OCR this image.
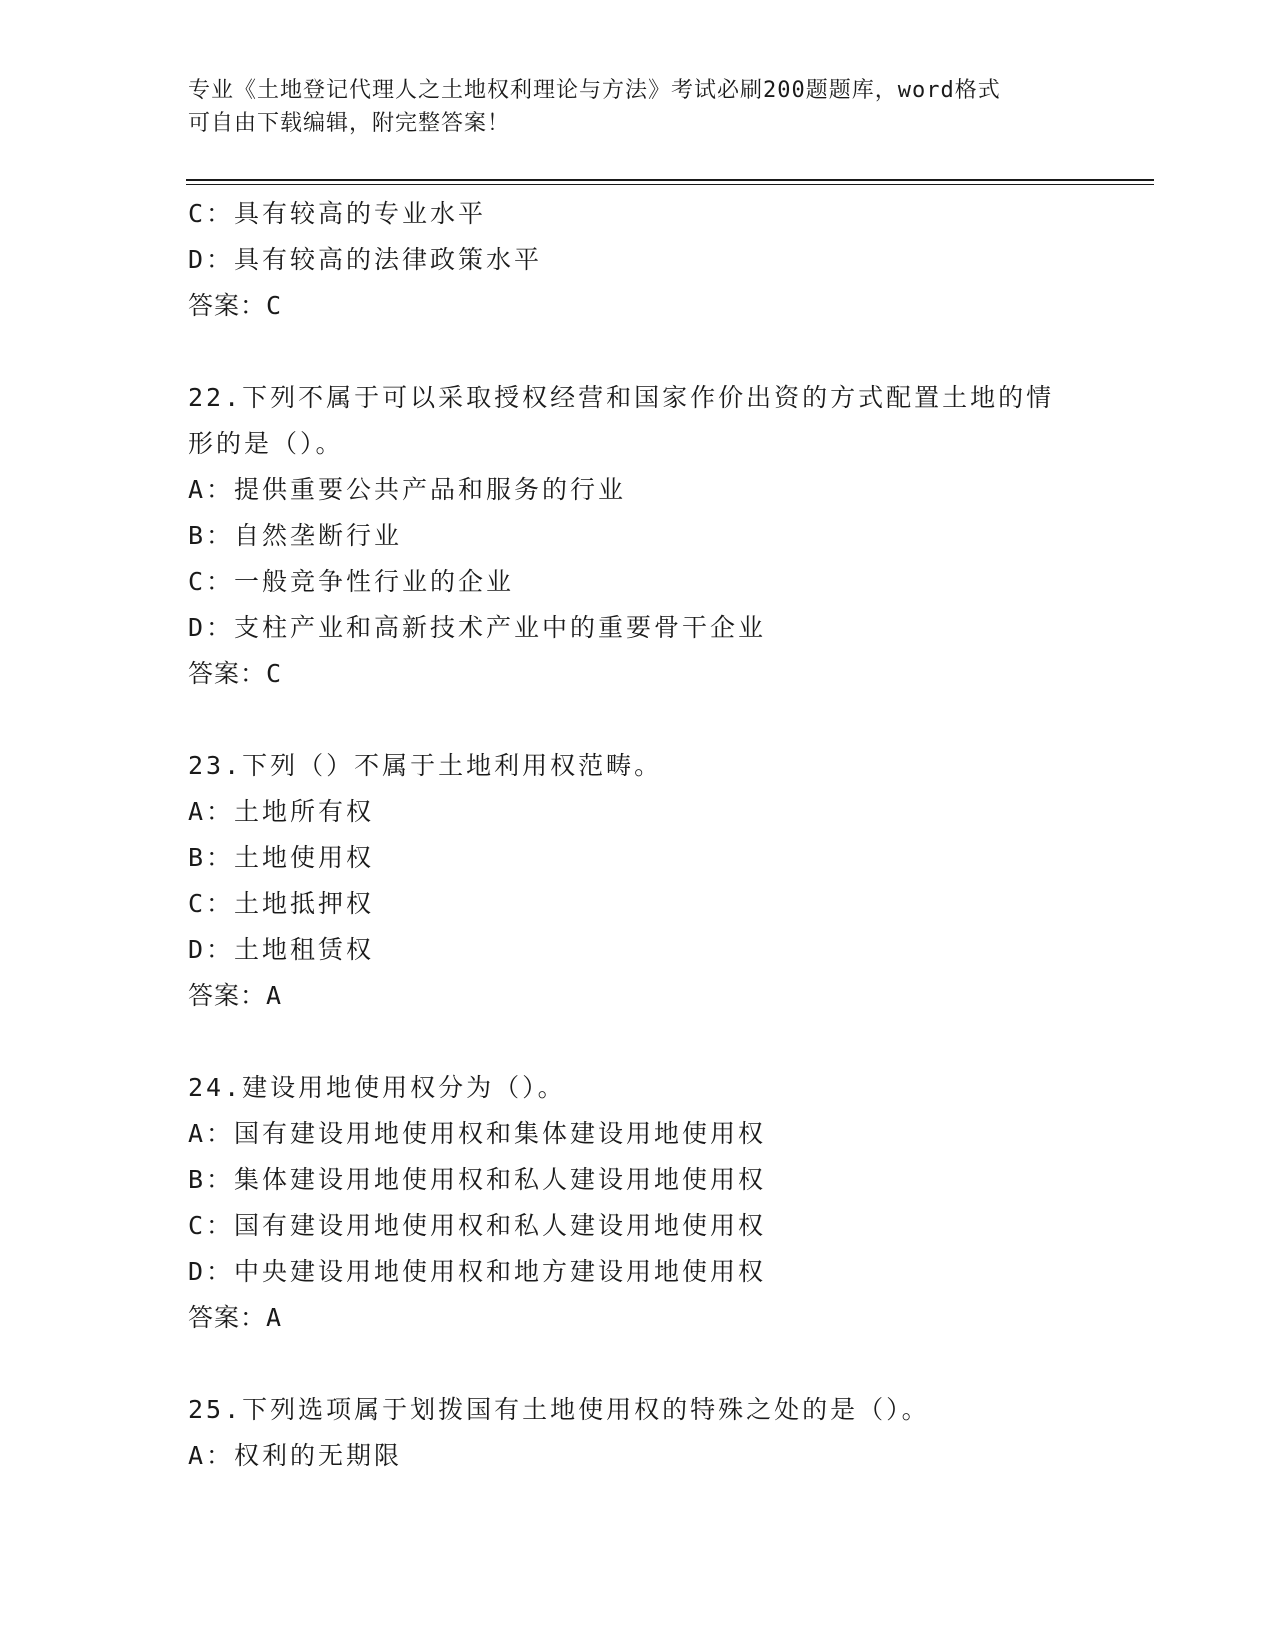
专业《土地登记代理人之土地权利理论与方法》考试必刷200题题库，word格式
可自由下载编辑，附完整答案！
C：具有较高的专业水平
D：具有较高的法律政策水平
答案：C
22.下列不属于可以采取授权经营和国家作价出资的方式配置土地的情
形的是（）。
A：提供重要公共产品和服务的行业
B：自然垄断行业
C：一般竞争性行业的企业
D：支柱产业和高新技术产业中的重要骨干企业
答案：C
23.下列（）不属于土地利用权范畴。
A：土地所有权
B：土地使用权
C：土地抵押权
D：土地租赁权
答案：A
24.建设用地使用权分为（）。
A：国有建设用地使用权和集体建设用地使用权
B：集体建设用地使用权和私人建设用地使用权
C：国有建设用地使用权和私人建设用地使用权
D：中央建设用地使用权和地方建设用地使用权
答案：A
25.下列选项属于划拨国有土地使用权的特殊之处的是（）。
A：权利的无期限
